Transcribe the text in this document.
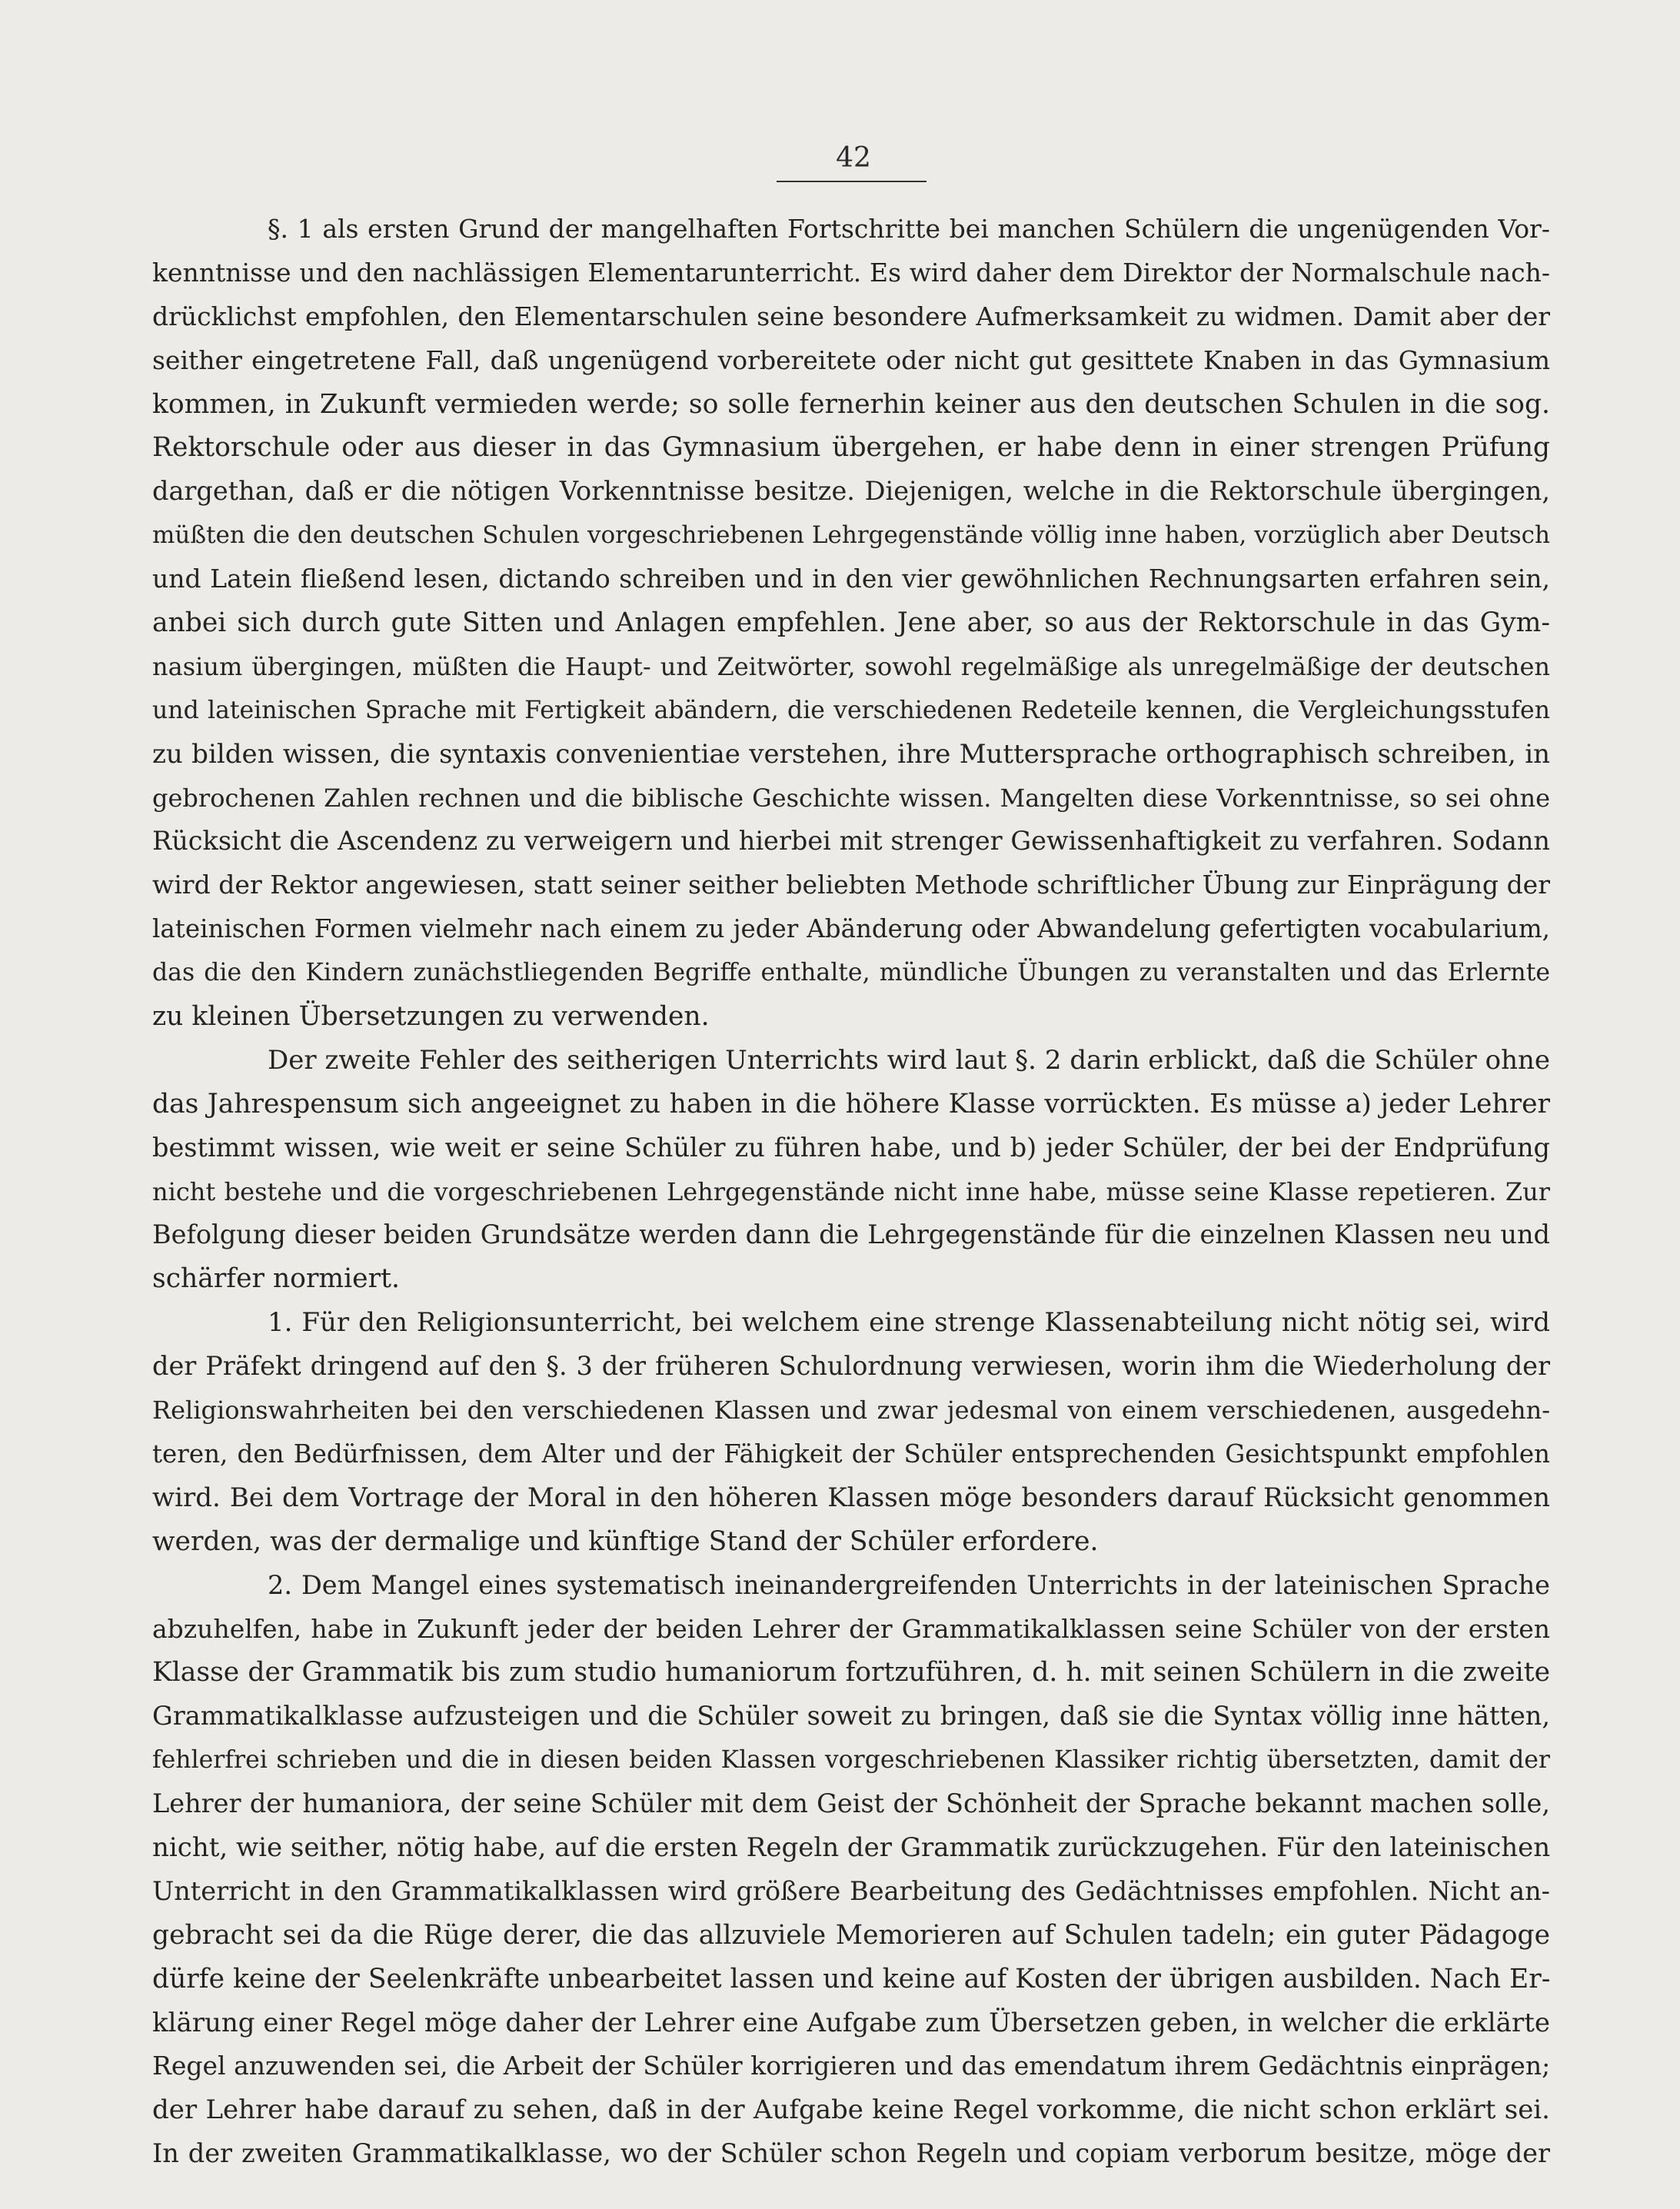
42
§. 1 als ersten Grund der mangelhaften Fortschritte bei manchen Schülern die ungenügenden Vor-
kenntnisse und den nachlässigen Elementarunterricht. Es wird daher dem Direktor der Normalschule nach-
drücklichst empfohlen, den Elementarschulen seine besondere Aufmerksamkeit zu widmen. Damit aber der
seither eingetretene Fall, daß ungenügend vorbereitete oder nicht gut gesittete Knaben in das Gymnasium
kommen, in Zukunft vermieden werde; so solle fernerhin keiner aus den deutschen Schulen in die sog.
Rektorschule oder aus dieser in das Gymnasium übergehen, er habe denn in einer strengen Prüfung
dargethan, daß er die nötigen Vorkenntnisse besitze. Diejenigen, welche in die Rektorschule übergingen,
müßten die den deutschen Schulen vorgeschriebenen Lehrgegenstände völlig inne haben, vorzüglich aber Deutsch
und Latein fließend lesen, dictando schreiben und in den vier gewöhnlichen Rechnungsarten erfahren sein,
anbei sich durch gute Sitten und Anlagen empfehlen. Jene aber, so aus der Rektorschule in das Gym-
nasium übergingen, müßten die Haupt- und Zeitwörter, sowohl regelmäßige als unregelmäßige der deutschen
und lateinischen Sprache mit Fertigkeit abändern, die verschiedenen Redeteile kennen, die Vergleichungsstufen
zu bilden wissen, die syntaxis convenientiae verstehen, ihre Muttersprache orthographisch schreiben, in
gebrochenen Zahlen rechnen und die biblische Geschichte wissen. Mangelten diese Vorkenntnisse, so sei ohne
Rücksicht die Ascendenz zu verweigern und hierbei mit strenger Gewissenhaftigkeit zu verfahren. Sodann
wird der Rektor angewiesen, statt seiner seither beliebten Methode schriftlicher Übung zur Einprägung der
lateinischen Formen vielmehr nach einem zu jeder Abänderung oder Abwandelung gefertigten vocabularium,
das die den Kindern zunächstliegenden Begriffe enthalte, mündliche Übungen zu veranstalten und das Erlernte
zu kleinen Übersetzungen zu verwenden.
Der zweite Fehler des seitherigen Unterrichts wird laut §. 2 darin erblickt, daß die Schüler ohne
das Jahrespensum sich angeeignet zu haben in die höhere Klasse vorrückten. Es müsse a) jeder Lehrer
bestimmt wissen, wie weit er seine Schüler zu führen habe, und b) jeder Schüler, der bei der Endprüfung
nicht bestehe und die vorgeschriebenen Lehrgegenstände nicht inne habe, müsse seine Klasse repetieren. Zur
Befolgung dieser beiden Grundsätze werden dann die Lehrgegenstände für die einzelnen Klassen neu und
schärfer normiert.
1. Für den Religionsunterricht, bei welchem eine strenge Klassenabteilung nicht nötig sei, wird
der Präfekt dringend auf den §. 3 der früheren Schulordnung verwiesen, worin ihm die Wiederholung der
Religionswahrheiten bei den verschiedenen Klassen und zwar jedesmal von einem verschiedenen, ausgedehn-
teren, den Bedürfnissen, dem Alter und der Fähigkeit der Schüler entsprechenden Gesichtspunkt empfohlen
wird. Bei dem Vortrage der Moral in den höheren Klassen möge besonders darauf Rücksicht genommen
werden, was der dermalige und künftige Stand der Schüler erfordere.
2. Dem Mangel eines systematisch ineinandergreifenden Unterrichts in der lateinischen Sprache
abzuhelfen, habe in Zukunft jeder der beiden Lehrer der Grammatikalklassen seine Schüler von der ersten
Klasse der Grammatik bis zum studio humaniorum fortzuführen, d. h. mit seinen Schülern in die zweite
Grammatikalklasse aufzusteigen und die Schüler soweit zu bringen, daß sie die Syntax völlig inne hätten,
fehlerfrei schrieben und die in diesen beiden Klassen vorgeschriebenen Klassiker richtig übersetzten, damit der
Lehrer der humaniora, der seine Schüler mit dem Geist der Schönheit der Sprache bekannt machen solle,
nicht, wie seither, nötig habe, auf die ersten Regeln der Grammatik zurückzugehen. Für den lateinischen
Unterricht in den Grammatikalklassen wird größere Bearbeitung des Gedächtnisses empfohlen. Nicht an-
gebracht sei da die Rüge derer, die das allzuviele Memorieren auf Schulen tadeln; ein guter Pädagoge
dürfe keine der Seelenkräfte unbearbeitet lassen und keine auf Kosten der übrigen ausbilden. Nach Er-
klärung einer Regel möge daher der Lehrer eine Aufgabe zum Übersetzen geben, in welcher die erklärte
Regel anzuwenden sei, die Arbeit der Schüler korrigieren und das emendatum ihrem Gedächtnis einprägen;
der Lehrer habe darauf zu sehen, daß in der Aufgabe keine Regel vorkomme, die nicht schon erklärt sei.
In der zweiten Grammatikalklasse, wo der Schüler schon Regeln und copiam verborum besitze, möge der
